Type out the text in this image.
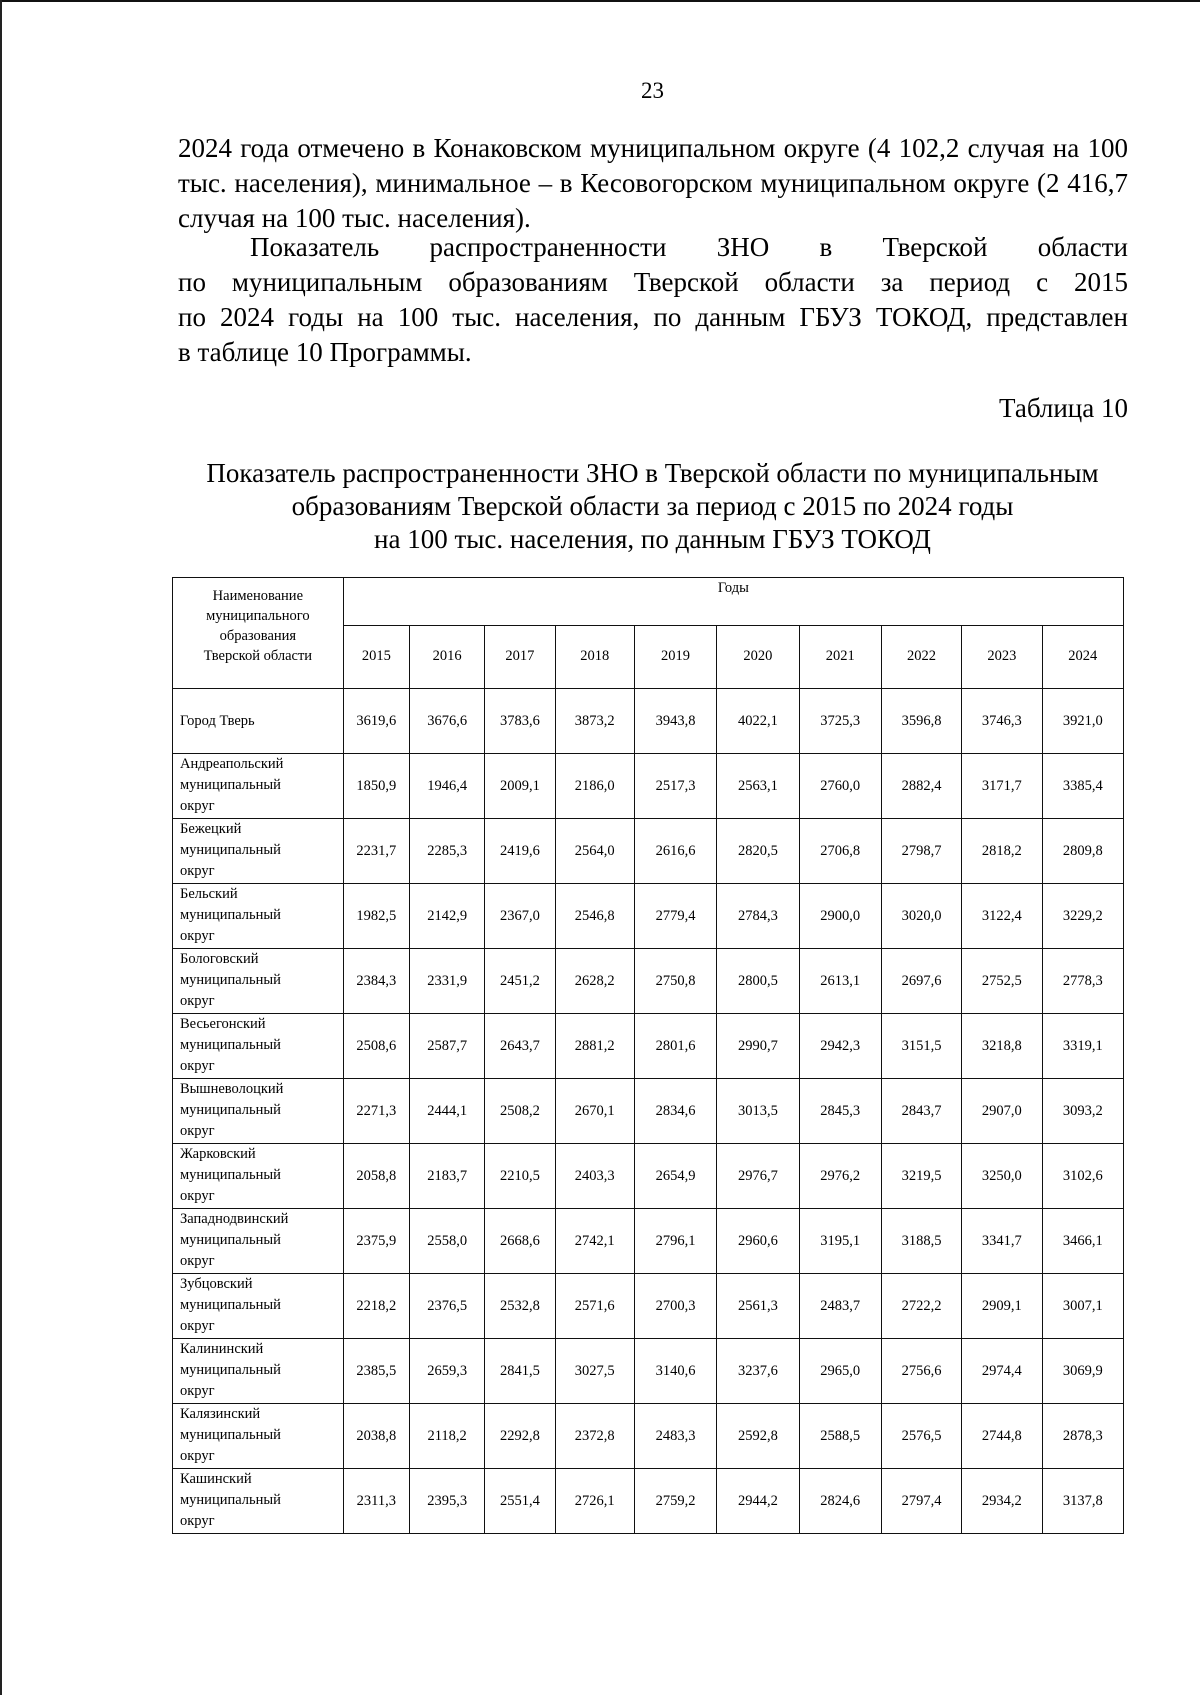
23
2024 года отмечено в Конаковском муниципальном округе (4 102,2 случая на 100 тыс. населения), минимальное – в Кесовогорском муниципальном округе (2 416,7 случая на 100 тыс. населения).

Показатель распространенности ЗНО в Тверской области

по муниципальным образованиям Тверской области за период с 2015

по 2024 годы на 100 тыс. населения, по данным ГБУЗ ТОКОД, представлен

в таблице 10 Программы.

Таблица 10
Показатель распространенности ЗНО в Тверской области по муниципальным
образованиям Тверской области за период с 2015 по 2024 годы
на 100 тыс. населения, по данным ГБУЗ ТОКОД
Наименование
муниципального
образования
Тверской области	Годы									
	2015	2016	2017	2018	2019	2020	2021	2022	2023	2024

Город Тверь	3619,6	3676,6	3783,6	3873,2	3943,8	4022,1	3725,3	3596,8	3746,3	3921,0

Андреапольский
муниципальный
округ	1850,9	1946,4	2009,1	2186,0	2517,3	2563,1	2760,0	2882,4	3171,7	3385,4

Бежецкий
муниципальный
округ	2231,7	2285,3	2419,6	2564,0	2616,6	2820,5	2706,8	2798,7	2818,2	2809,8

Бельский
муниципальный
округ	1982,5	2142,9	2367,0	2546,8	2779,4	2784,3	2900,0	3020,0	3122,4	3229,2

Бологовский
муниципальный
округ	2384,3	2331,9	2451,2	2628,2	2750,8	2800,5	2613,1	2697,6	2752,5	2778,3

Весьегонский
муниципальный
округ	2508,6	2587,7	2643,7	2881,2	2801,6	2990,7	2942,3	3151,5	3218,8	3319,1

Вышневолоцкий
муниципальный
округ	2271,3	2444,1	2508,2	2670,1	2834,6	3013,5	2845,3	2843,7	2907,0	3093,2

Жарковский
муниципальный
округ	2058,8	2183,7	2210,5	2403,3	2654,9	2976,7	2976,2	3219,5	3250,0	3102,6

Западнодвинский
муниципальный
округ	2375,9	2558,0	2668,6	2742,1	2796,1	2960,6	3195,1	3188,5	3341,7	3466,1

Зубцовский
муниципальный
округ	2218,2	2376,5	2532,8	2571,6	2700,3	2561,3	2483,7	2722,2	2909,1	3007,1

Калининский
муниципальный
округ	2385,5	2659,3	2841,5	3027,5	3140,6	3237,6	2965,0	2756,6	2974,4	3069,9

Калязинский
муниципальный
округ	2038,8	2118,2	2292,8	2372,8	2483,3	2592,8	2588,5	2576,5	2744,8	2878,3

Кашинский
муниципальный
округ	2311,3	2395,3	2551,4	2726,1	2759,2	2944,2	2824,6	2797,4	2934,2	3137,8
